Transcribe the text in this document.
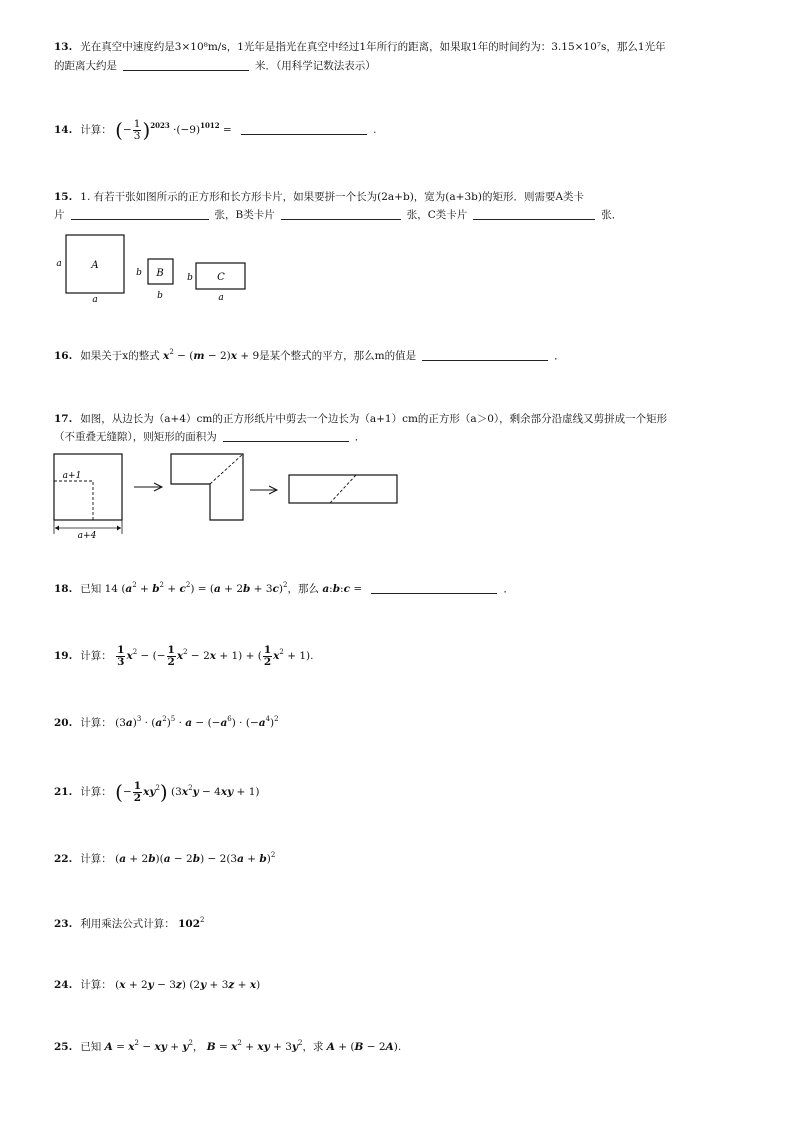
13. 光在真空中速度约是3×10⁸m/s，1光年是指光在真空中经过1年所行的距离，如果取1年的时间约为：3.15×10⁷s，那么1光年
的距离大约是	米．（用科学记数法表示）
14. 计算： (− $\frac{1}{3} )^{2023} \cdot(-9)^{1012}$ =	.
15. 1. 有若干张如图所示的正方形和长方形卡片，如果要拼一个长为(2a+b)，宽为(a+3b)的矩形．则需要A类卡
片	张，B类卡片	张，C类卡片	张．
A
a
a
B
b
b
C
b
a
16. 如果关于x的整式 $x^2 - (m - 2)x + 9$是某个整式的平方，那么m的值是	．
17. 如图，从边长为（a+4）cm的正方形纸片中剪去一个边长为（a+1）cm的正方形（a＞0），剩余部分沿虚线又剪拼成一个矩形
（不重叠无缝隙），则矩形的面积为	．
a+1
a+4
18. 已知 14 $(a^2 + b^2 + c^2) = (a + 2b + 3c)^2$，那么 a:b:c =	．
19. 计算： $\frac{1}{3} x^2$ − (− $\frac{1}{2} x^2 - 2x + 1$) + ( $\frac{1}{2} x^2 + 1$).
20. 计算： $(3a)^3 \cdot (a^2)^5 \cdot a - (-a^6) \cdot (-a^4)^2$
21. 计算： (− $\frac{1}{2} xy^2$) $(3x^2y - 4xy + 1)$
22. 计算： $(a + 2b)(a - 2b) - 2(3a + b)^2$
23. 利用乘法公式计算： $102^2$
24. 计算： (x + 2y − 3z) (2y + 3z + x)
25. 已知 $A = x^2$ − xy + $y^2$， $B = x^2$ + xy + $3y^2$，求 A + (B − 2A).
